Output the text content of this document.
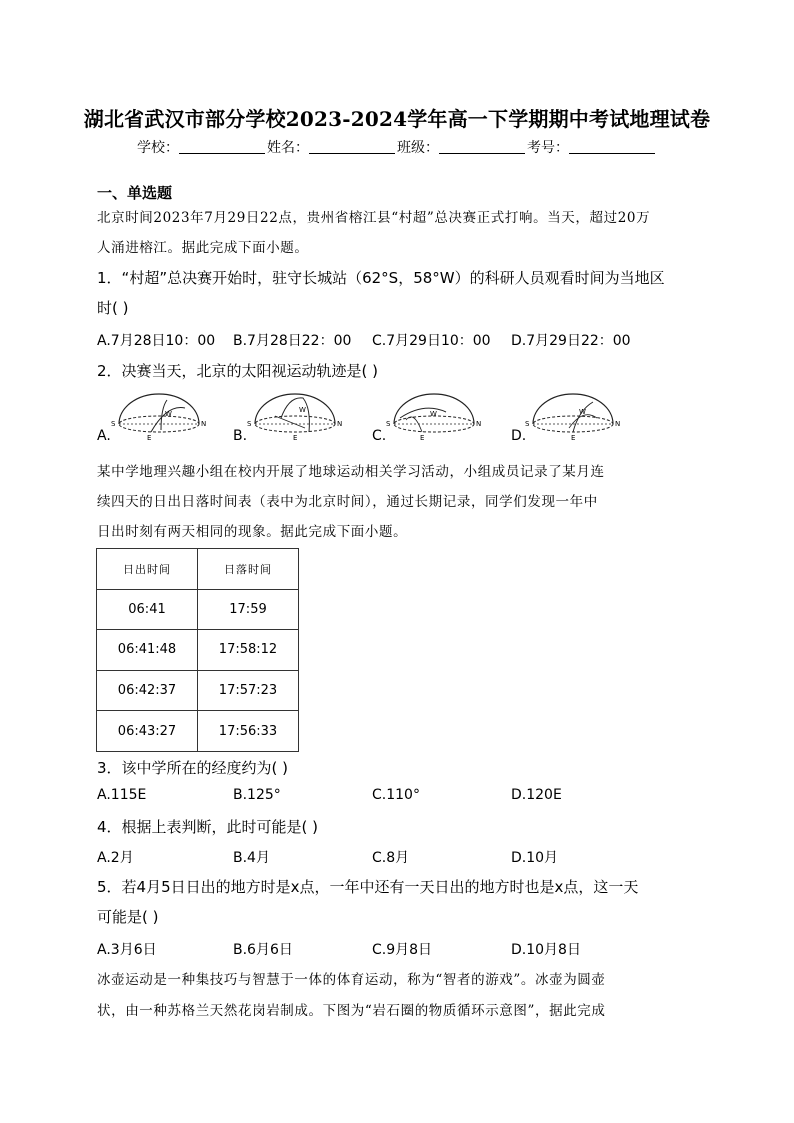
湖北省武汉市部分学校2023-2024学年高一下学期期中考试地理试卷
学校：	姓名：	班级：	考号：
一、单选题
北京时间2023年7月29日22点，贵州省榕江县“村超”总决赛正式打响。当天，超过20万
人涌进榕江。据此完成下面小题。
1．“村超”总决赛开始时，驻守长城站（62°S，58°W）的科研人员观看时间为当地区
时( )
A.7月28日10：00 B.7月28日22：00 C.7月29日10：00 D.7月29日22：00
2．决赛当天，北京的太阳视运动轨迹是( )
A.
S	N
E
W
B.
S	N
E
W
C.
S	N
E
W
D.
S	N
E
W
某中学地理兴趣小组在校内开展了地球运动相关学习活动，小组成员记录了某月连
续四天的日出日落时间表（表中为北京时间），通过长期记录，同学们发现一年中
日出时刻有两天相同的现象。据此完成下面小题。
日出时间	日落时间
06:41	17:59
06:41:48	17:58:12
06:42:37	17:57:23
06:43:27	17:56:33
3．该中学所在的经度约为( )
A.115E	B.125°	C.110°	D.120E
4．根据上表判断，此时可能是( )
A.2月	B.4月	C.8月	D.10月
5．若4月5日日出的地方时是x点，一年中还有一天日出的地方时也是x点，这一天
可能是( )
A.3月6日	B.6月6日	C.9月8日	D.10月8日
冰壶运动是一种集技巧与智慧于一体的体育运动，称为“智者的游戏”。冰壶为圆壶
状，由一种苏格兰天然花岗岩制成。下图为“岩石圈的物质循环示意图”，据此完成
